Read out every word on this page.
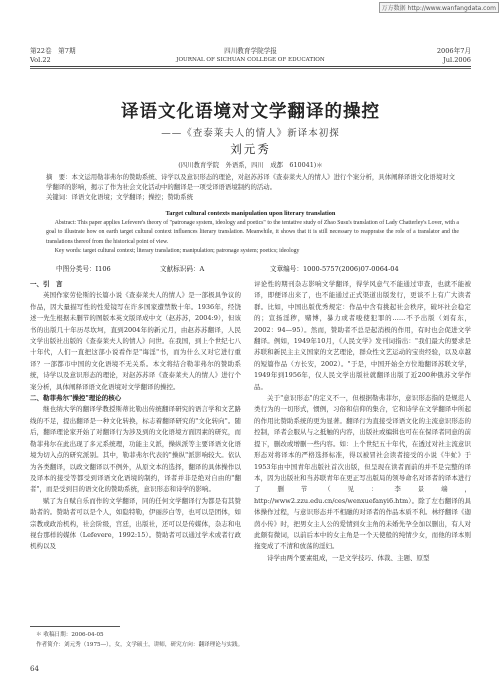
万方数据 http://www.wanfangdata.com
第22卷　第7期
Vol.22
四川教育学院学报
JOURNAL OF SICHUAN COLLEGE OF EDUCATION
2006年7月
Jul.2006
译语文化语境对文学翻译的操控
——《查泰莱夫人的情人》新译本初探
刘元秀
(四川教育学院　外语系，四川　成都　610041)＊
摘　要：本文运用勒菲弗尔的赞助系统、诗学以及意识形态的理论，对赵苏苏译《查泰莱夫人的情人》进行个案分析，具体阐释译语文化语境对文学翻译的影响，揭示了作为社会文化活动中的翻译是一项受译语语境制约的活动。
关键词：译语文化语境；文学翻译；操控；赞助系统
Target cultural contexts manipulation upon literary translation
Abstract: This paper applies Lefevere's theory of "patronage system, ideology and poetics" to the tentative study of Zhao Susu's translation of Lady Chatterley's Lover, with a goal to illustrate how on earth target cultural context influences literary translation. Meanwhile, it shows that it is still necessary to reappraise the role of a translator and the translations thereof from the historical point of view.
Key words: target cultural context; literary translation; manipulation; patronage system; poetics; ideology
中图分类号：I106	文献标识码：A	文章编号：1000-5757(2006)07-0064-04
一、引　言
英国作家劳伦斯的长篇小说《查泰莱夫人的情人》是一部极具争议的作品，因大量描写性的性爱镜写在许多国家遭禁数十年。1936年，经饶述一先生根据未删节的图版本英文版译成中文（赵苏苏，2004:9），但该书的出版几十年历尽坎坷，直到2004年的新元月，由赵苏苏翻译，人民文学出版社出版的《查泰莱夫人的情人》问世。在我国，到上个世纪七八十年代，人们一直把这部小说看作是"诲淫"书，而为什么又对它进行重译？一部都市中国的文化语境不无关系。本文将结合勒菲弗尔的赞助系统，诗学以及意识形态的理论，对赵苏苏译《查泰莱夫人的情人》进行个案分析，具体阐释译语文化语境对文学翻译的操控。
二、勒菲弗尔"操控"理论的核心
继也纳大学的翻译学教授斯蒂比勒出传统翻译研究的语言学和文艺路线的不足，提出翻译是一种文化转换，标志着翻译研究的"文化转向"。随后，翻译理论家开始了对翻译行为涉及到的文化语境方面因素的研究，而勒菲弗尔在此出现了多元系统理，功能主义派，操纵派等主要译语文化语境为切入点的研究派别。其中，勒菲弗尔代表的"操纵"派影响较大。依认为各类翻译，以政文翻译以不例外，从原文本的选择，翻译的具体操作以及译本的接受等都受到译语文化语境的制约，译者并非是绝对自由的"翻者"，而是受到目的语文化的赞助系统，意识形态和诗学的影响。
赋了为自赋自乐而作的文学翻译，同的任何文学翻译行为都是有其赞助者的。赞助者可以是个人，如隐特勒，伊丽莎白等，也可以是团体，如宗教或政治机构，社会阶级，宫廷，出版社，还可以是传媒体，杂志和电视台那样的媒体（Lefevere，1992:15）。赞助者可以通过学术或者行政机构以及
评论性的期刊杂志影响文学翻译，得学风意气不能通过审查，也就不能被译，即便译出来了，也不能通过正式渠道出版发行，更谈不上有广大读者群。比如，中国出版优秀规定：作品中含有挑起社会秩序，破坏社会稳定的；宣扬淫秽，赌博，暴力或者唆使犯罪的……不予出版（刘有东，2002：94—95）。然而，赞助者不总是起消极的作用，有时也会促进文学翻译。例如，1949年10月，《人民文学》发刊词指出："我们最大的要求是苏联和新民主主义国家的文艺理论，群众性文艺运动的宝贵经验，以及卓越的短篇作品（方长安，2002）。"于是，中国开始全方位地翻译苏联文学，1949年到1956年，仅人民文学出版社就翻译出版了近200种俄苏文学作品。
关于"意识形态"的定义不一，但根据勒弗菲尔，意识形态指的是规范人类行为的一切形式，惯例，习俗和信仰的集合，它和诗学在文学翻译中所起的作用比赞助系统的更为显著。翻译行为直接受译语文化的主流意识形态的控制，译者会服从与之抵触的内容，出版社或编辑也可在在保译者同意的前提下，删改或增删一些内容。如：上个世纪五十年代，在透过对社主流意识形态对将译本的严格选择标准，得以被冒社会读者接受的小说《牛虻》于1953年由中国青年出版社首次出版，但呈现在读者面前的并不是完整的译本，因为出版社和当苏联青年在更正写出版局的领导命名对译者的译本进行了删节（见：李景端，http://www2.zzu.edu.cn/ces/wenxuefanyi6.htm）。除了左右翻译的具体操作过程，与意识形态并不相融的对译者的作品本质不利。林纾翻译《迦茵小传》时，把男女主人公的爱情到女主角的未婚先孕全加以删出，有人对此颇有微词，以前后本中的女主角是一个天使般的纯情少女，而他的译本则拖变成了不清和放荡的淫妇。
诗学由两个要素组成，一是文学技巧、体裁、主题、原型
＊ 收稿日期：2006-04-05
作者简介：刘元秀（1975—），女，文学硕士，讲师，研究方向：翻译理论与实践。
64
